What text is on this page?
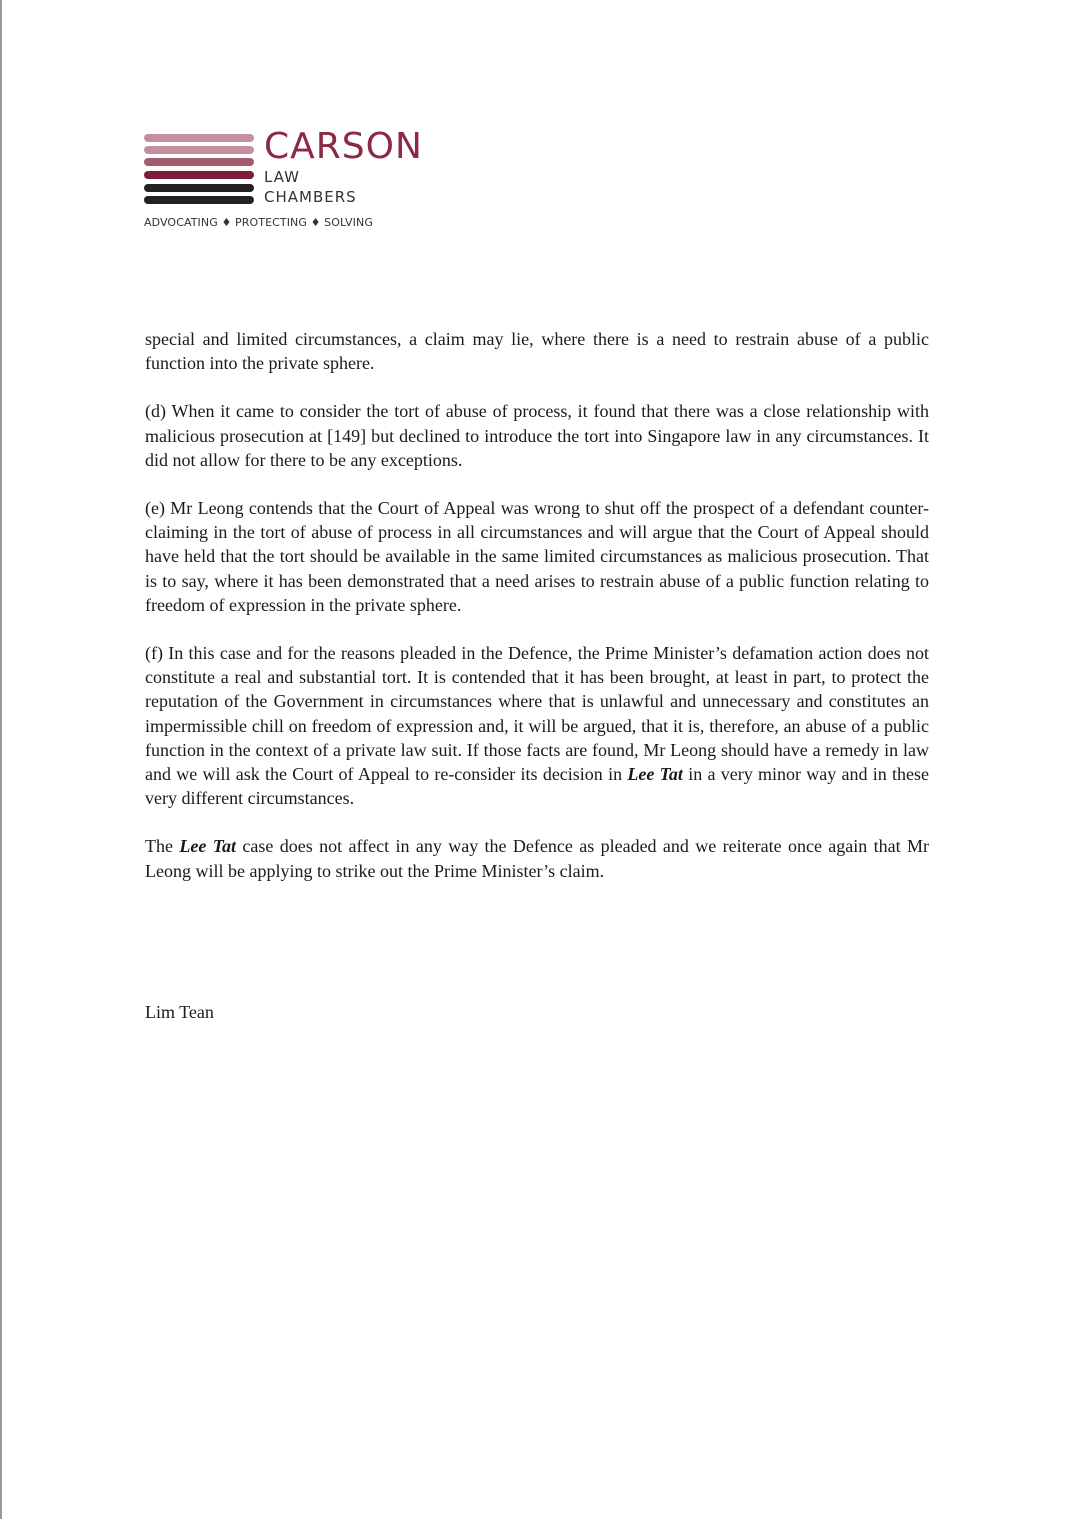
CARSON
LAW
CHAMBERS
ADVOCATING ♦ PROTECTING ♦ SOLVING

special and limited circumstances, a claim may lie, where there is a need to restrain abuse of a public function into the private sphere.

(d) When it came to consider the tort of abuse of process, it found that there was a close relationship with malicious prosecution at [149] but declined to introduce the tort into Singapore law in any circumstances. It did not allow for there to be any exceptions.

(e) Mr Leong contends that the Court of Appeal was wrong to shut off the prospect of a defendant counter-claiming in the tort of abuse of process in all circumstances and will argue that the Court of Appeal should have held that the tort should be available in the same limited circumstances as malicious prosecution. That is to say, where it has been demonstrated that a need arises to restrain abuse of a public function relating to freedom of expression in the private sphere.

(f) In this case and for the reasons pleaded in the Defence, the Prime Minister’s defamation action does not constitute a real and substantial tort. It is contended that it has been brought, at least in part, to protect the reputation of the Government in circumstances where that is unlawful and unnecessary and constitutes an impermissible chill on freedom of expression and, it will be argued, that it is, therefore, an abuse of a public function in the context of a private law suit. If those facts are found, Mr Leong should have a remedy in law and we will ask the Court of Appeal to re-consider its decision in Lee Tat in a very minor way and in these very different circumstances.

The Lee Tat case does not affect in any way the Defence as pleaded and we reiterate once again that Mr Leong will be applying to strike out the Prime Minister’s claim.

Lim Tean
